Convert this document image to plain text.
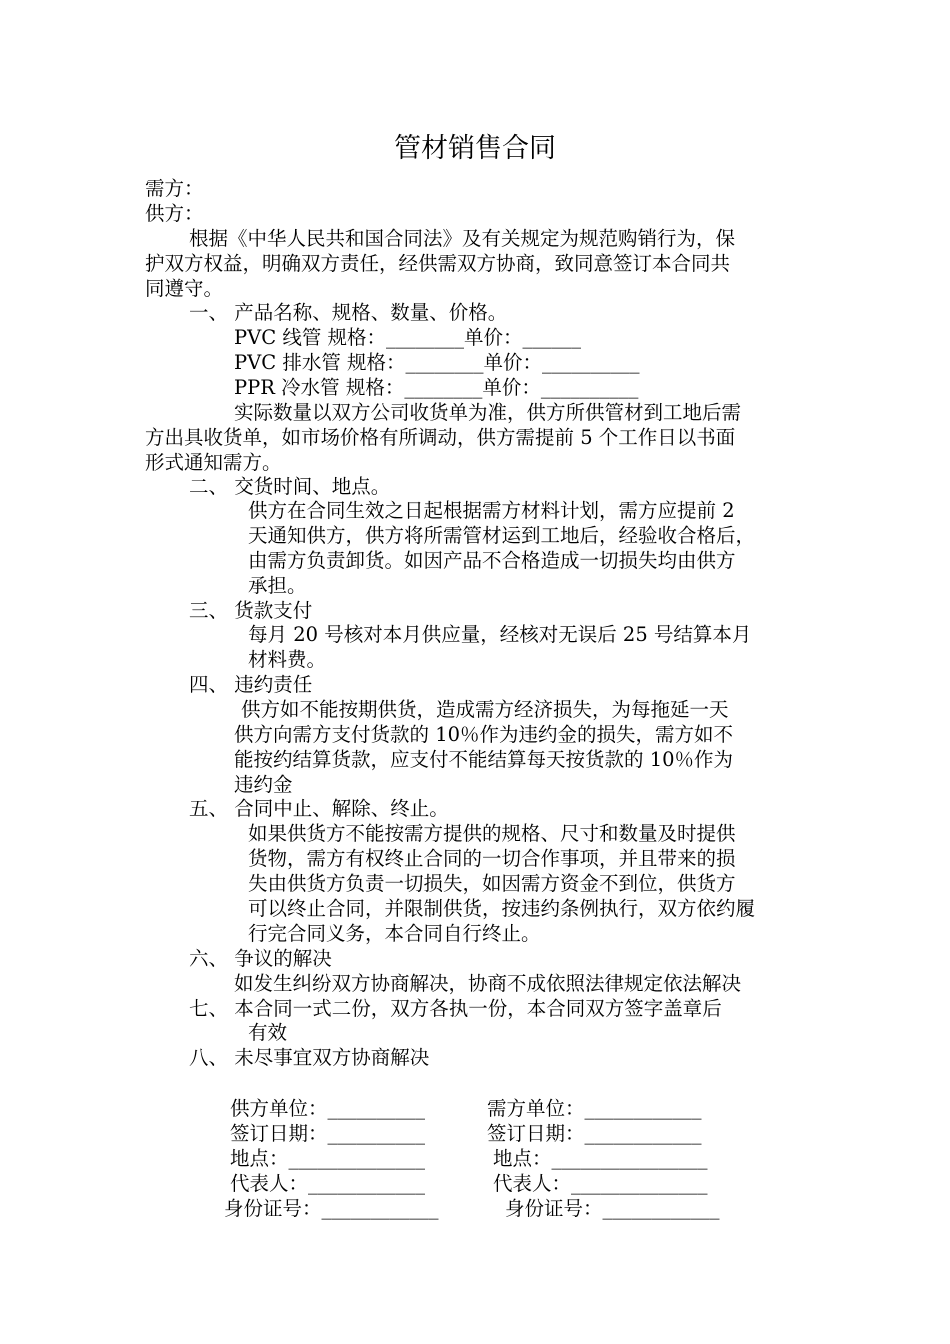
管材销售合同
需方：
供方：
根据《中华人民共和国合同法》及有关规定为规范购销行为，保
护双方权益，明确双方责任，经供需双方协商，致同意签订本合同共
同遵守。
一、 产品名称、规格、数量、价格。
PVC 线管 规格：________单价：______
PVC 排水管 规格：________单价：__________
PPR 冷水管 规格：________单价：__________
实际数量以双方公司收货单为准，供方所供管材到工地后需
方出具收货单，如市场价格有所调动，供方需提前 5 个工作日以书面
形式通知需方。
二、 交货时间、地点。
供方在合同生效之日起根据需方材料计划，需方应提前 2
天通知供方，供方将所需管材运到工地后，经验收合格后，
由需方负责卸货。如因产品不合格造成一切损失均由供方
承担。
三、 货款支付
每月 20 号核对本月供应量，经核对无误后 25 号结算本月
材料费。
四、 违约责任
供方如不能按期供货，造成需方经济损失，为每拖延一天
供方向需方支付货款的 10％作为违约金的损失，需方如不
能按约结算货款，应支付不能结算每天按货款的 10％作为
违约金
五、 合同中止、解除、终止。
如果供货方不能按需方提供的规格、尺寸和数量及时提供
货物，需方有权终止合同的一切合作事项，并且带来的损
失由供货方负责一切损失，如因需方资金不到位，供货方
可以终止合同，并限制供货，按违约条例执行，双方依约履
行完合同义务，本合同自行终止。
六、 争议的解决
如发生纠纷双方协商解决，协商不成依照法律规定依法解决
七、 本合同一式二份，双方各执一份，本合同双方签字盖章后
有效
八、 未尽事宜双方协商解决
供方单位：__________
签订日期：__________
地点：______________
代表人：____________
身份证号：____________
需方单位：____________
签订日期：____________
地点：________________
代表人：______________
身份证号：____________
